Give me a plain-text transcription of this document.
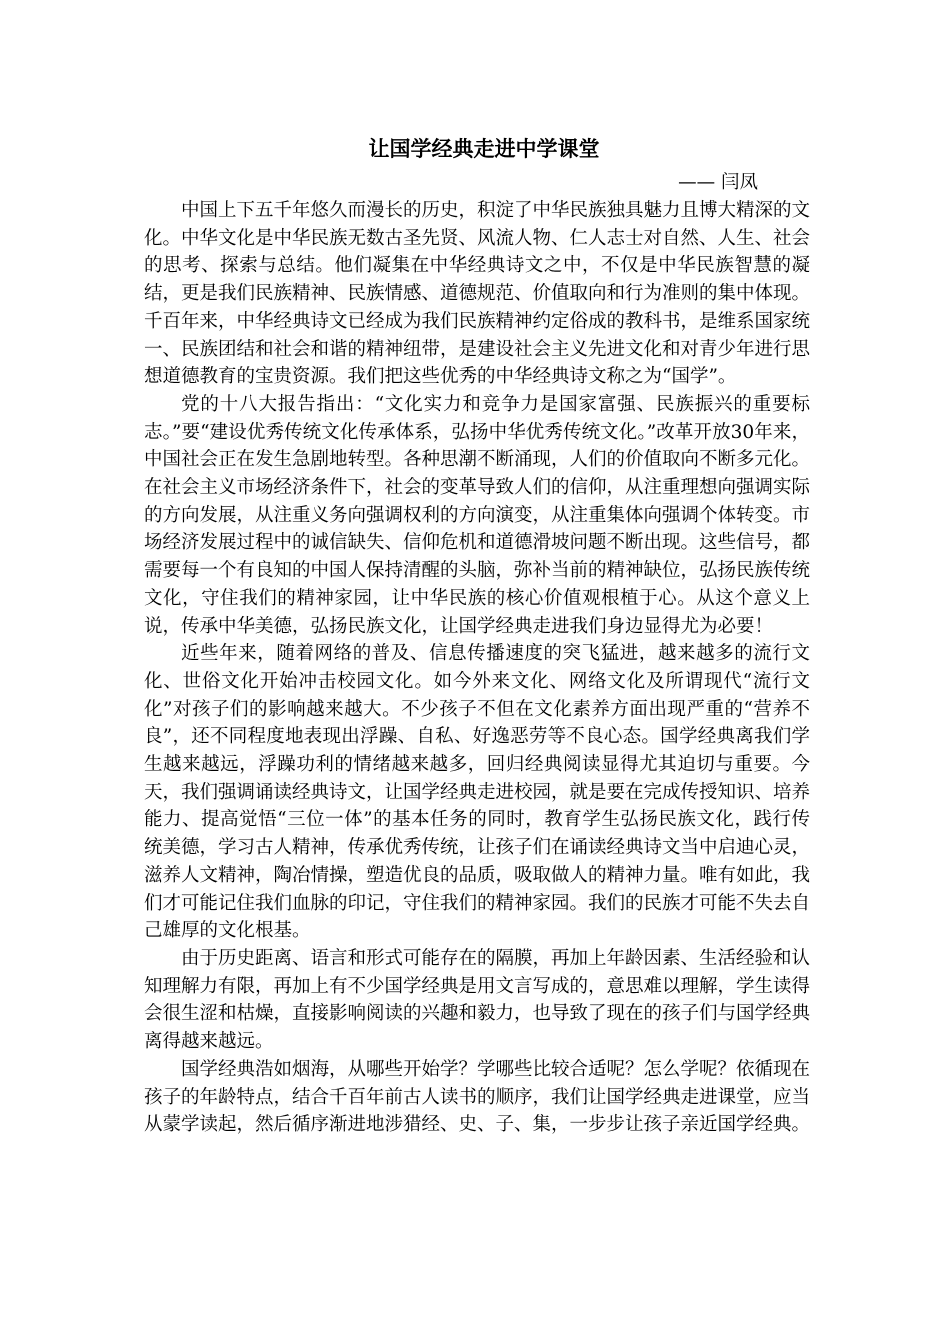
让国学经典走进中学课堂
—— 闫凤

中国上下五千年悠久而漫长的历史，积淀了中华民族独具魅力且博大精深的文化。中华文化是中华民族无数古圣先贤、风流人物、仁人志士对自然、人生、社会的思考、探索与总结。他们凝集在中华经典诗文之中，不仅是中华民族智慧的凝结，更是我们民族精神、民族情感、道德规范、价值取向和行为准则的集中体现。千百年来，中华经典诗文已经成为我们民族精神约定俗成的教科书，是维系国家统一、民族团结和社会和谐的精神纽带，是建设社会主义先进文化和对青少年进行思想道德教育的宝贵资源。我们把这些优秀的中华经典诗文称之为“国学”。

党的十八大报告指出：“文化实力和竞争力是国家富强、民族振兴的重要标志。”要“建设优秀传统文化传承体系，弘扬中华优秀传统文化。”改革开放30年来，中国社会正在发生急剧地转型。各种思潮不断涌现，人们的价值取向不断多元化。在社会主义市场经济条件下，社会的变革导致人们的信仰，从注重理想向强调实际的方向发展，从注重义务向强调权利的方向演变，从注重集体向强调个体转变。市场经济发展过程中的诚信缺失、信仰危机和道德滑坡问题不断出现。这些信号，都需要每一个有良知的中国人保持清醒的头脑，弥补当前的精神缺位，弘扬民族传统文化，守住我们的精神家园，让中华民族的核心价值观根植于心。从这个意义上说，传承中华美德，弘扬民族文化，让国学经典走进我们身边显得尤为必要！

近些年来，随着网络的普及、信息传播速度的突飞猛进，越来越多的流行文化、世俗文化开始冲击校园文化。如今外来文化、网络文化及所谓现代“流行文化”对孩子们的影响越来越大。不少孩子不但在文化素养方面出现严重的“营养不良”，还不同程度地表现出浮躁、自私、好逸恶劳等不良心态。国学经典离我们学生越来越远，浮躁功利的情绪越来越多，回归经典阅读显得尤其迫切与重要。今天，我们强调诵读经典诗文，让国学经典走进校园，就是要在完成传授知识、培养能力、提高觉悟“三位一体”的基本任务的同时，教育学生弘扬民族文化，践行传统美德，学习古人精神，传承优秀传统，让孩子们在诵读经典诗文当中启迪心灵，滋养人文精神，陶冶情操，塑造优良的品质，吸取做人的精神力量。唯有如此，我们才可能记住我们血脉的印记，守住我们的精神家园。我们的民族才可能不失去自己雄厚的文化根基。

由于历史距离、语言和形式可能存在的隔膜，再加上年龄因素、生活经验和认知理解力有限，再加上有不少国学经典是用文言写成的，意思难以理解，学生读得会很生涩和枯燥，直接影响阅读的兴趣和毅力，也导致了现在的孩子们与国学经典离得越来越远。

国学经典浩如烟海，从哪些开始学？学哪些比较合适呢？怎么学呢？依循现在孩子的年龄特点，结合千百年前古人读书的顺序，我们让国学经典走进课堂，应当从蒙学读起，然后循序渐进地涉猎经、史、子、集，一步步让孩子亲近国学经典。
